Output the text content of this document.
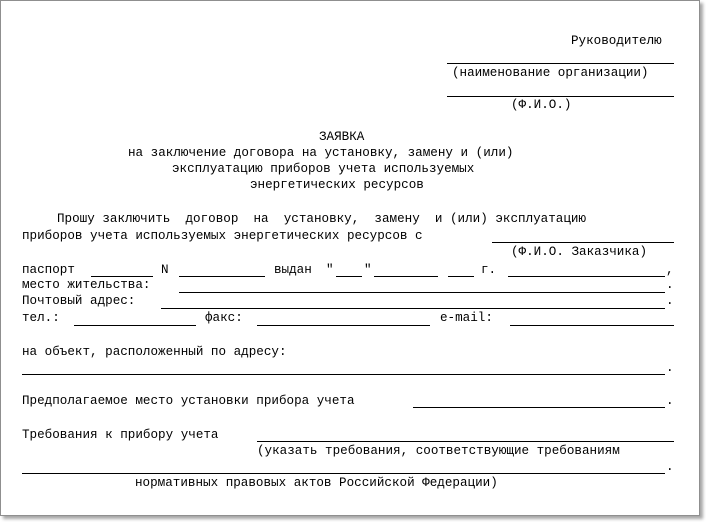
Руководителю
(наименование организации)
(Ф.И.О.)
ЗАЯВКА
на заключение договора на установку, замену и (или)
эксплуатацию приборов учета используемых
энергетических ресурсов
Прошу заключить  договор  на  установку,  замену  и (или) эксплуатацию
приборов учета используемых энергетических ресурсов с
(Ф.И.О. Заказчика)
паспорт	N	выдан " "	г.	,
место жительства:	.
Почтовый адрес:	.
тел.:	факс:	e-mail:
на объект, расположенный по адресу:
.
Предполагаемое место установки прибора учета	.
Требования к прибору учета
(указать требования, соответствующие требованиям
.
нормативных правовых актов Российской Федерации)
